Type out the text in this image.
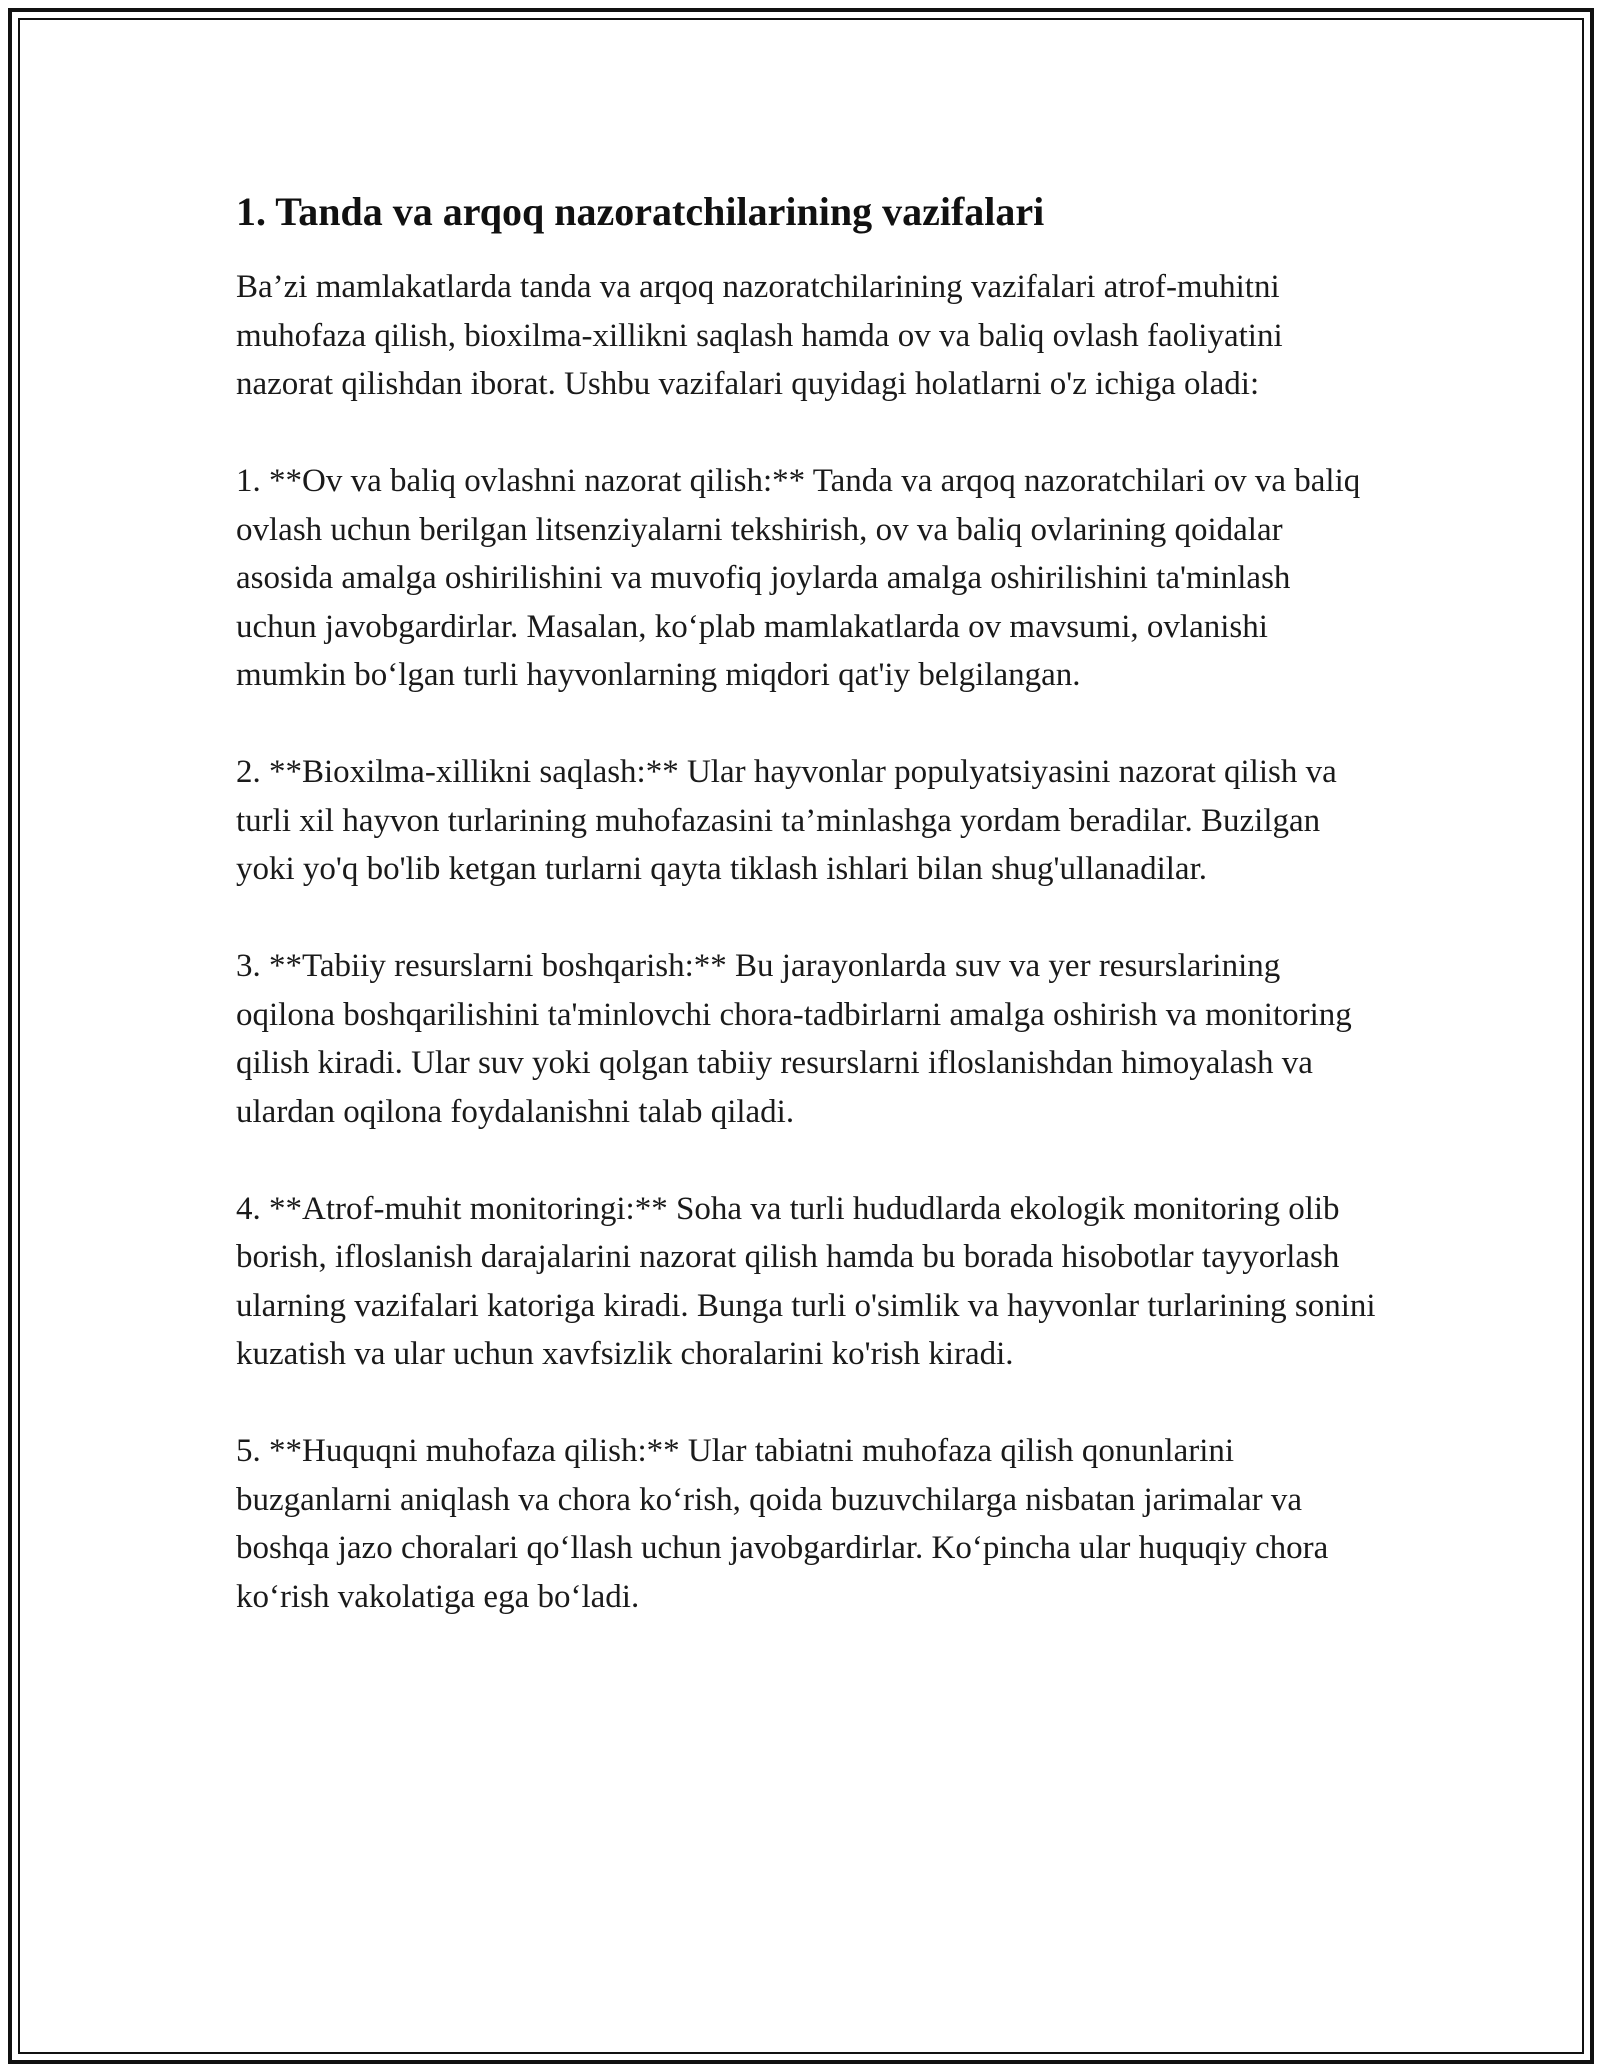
1. Tanda va arqoq nazoratchilarining vazifalari

Ba’zi mamlakatlarda tanda va arqoq nazoratchilarining vazifalari atrof-muhitni muhofaza qilish, bioxilma-xillikni saqlash hamda ov va baliq ovlash faoliyatini nazorat qilishdan iborat. Ushbu vazifalari quyidagi holatlarni o'z ichiga oladi:

1. **Ov va baliq ovlashni nazorat qilish:** Tanda va arqoq nazoratchilari ov va baliq ovlash uchun berilgan litsenziyalarni tekshirish, ov va baliq ovlarining qoidalar asosida amalga oshirilishini va muvofiq joylarda amalga oshirilishini ta'minlash uchun javobgardirlar. Masalan, ko‘plab mamlakatlarda ov mavsumi, ovlanishi mumkin bo‘lgan turli hayvonlarning miqdori qat'iy belgilangan.

2. **Bioxilma-xillikni saqlash:** Ular hayvonlar populyatsiyasini nazorat qilish va turli xil hayvon turlarining muhofazasini ta’minlashga yordam beradilar. Buzilgan yoki yo'q bo'lib ketgan turlarni qayta tiklash ishlari bilan shug'ullanadilar.

3. **Tabiiy resurslarni boshqarish:** Bu jarayonlarda suv va yer resurslarining oqilona boshqarilishini ta'minlovchi chora-tadbirlarni amalga oshirish va monitoring qilish kiradi. Ular suv yoki qolgan tabiiy resurslarni ifloslanishdan himoyalash va ulardan oqilona foydalanishni talab qiladi.

4. **Atrof-muhit monitoringi:** Soha va turli hududlarda ekologik monitoring olib borish, ifloslanish darajalarini nazorat qilish hamda bu borada hisobotlar tayyorlash ularning vazifalari katoriga kiradi. Bunga turli o'simlik va hayvonlar turlarining sonini kuzatish va ular uchun xavfsizlik choralarini ko'rish kiradi.

5. **Huquqni muhofaza qilish:** Ular tabiatni muhofaza qilish qonunlarini buzganlarni aniqlash va chora ko‘rish, qoida buzuvchilarga nisbatan jarimalar va boshqa jazo choralari qo‘llash uchun javobgardirlar. Ko‘pincha ular huquqiy chora ko‘rish vakolatiga ega bo‘ladi.
